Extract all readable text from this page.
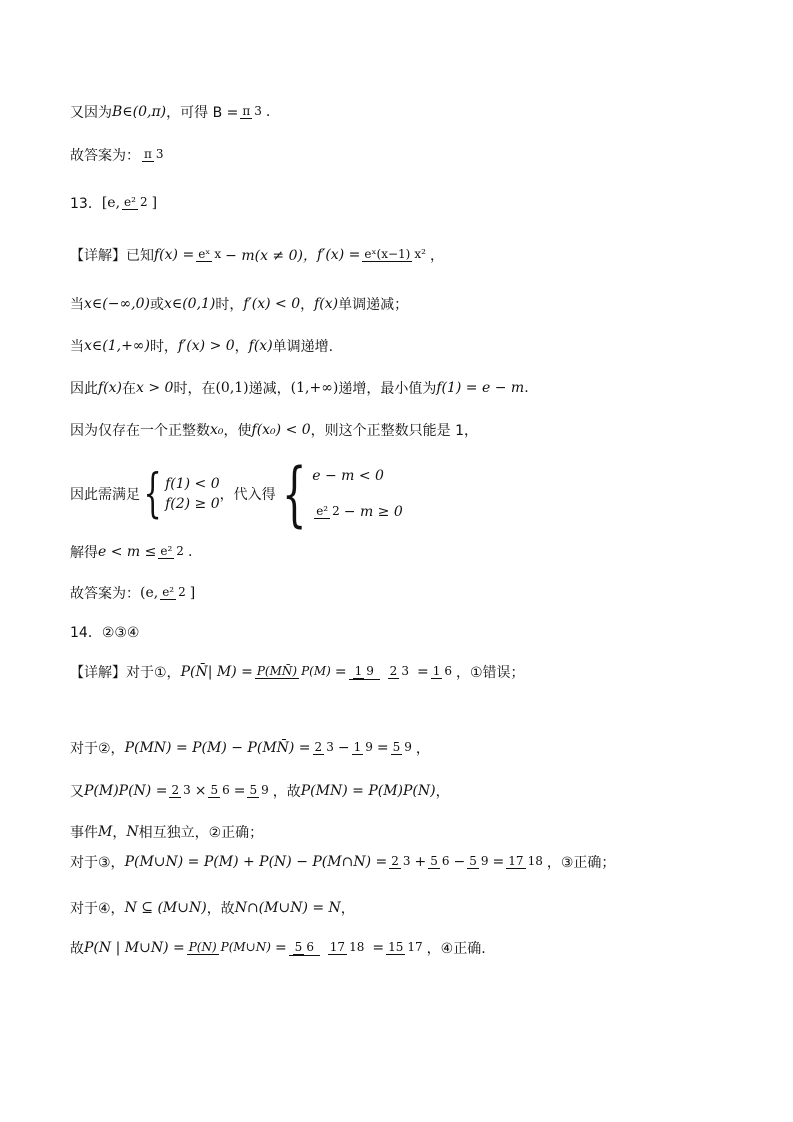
又因为 B∈(0,π) ，可得 B = π 3 .
故答案为： π 3
13． [e, e² 2 ]
【详解】已知 f(x) = eˣ x − m(x ≠ 0)， f′(x) = eˣ(x−1) x² ，
当 x∈(−∞,0) 或 x∈(0,1) 时， f′(x) < 0 ， f(x) 单调递减；
当 x∈(1,+∞) 时， f′(x) > 0 ， f(x) 单调递增.
因此 f(x) 在 x > 0 时，在 (0,1) 递减， (1,+∞) 递增，最小值为 f(1) = e − m .
因为仅存在一个正整数 x₀ ，使 f(x₀) < 0 ，则这个正整数只能是 1，
因此需满足 { f(1) < 0
f(2) ≥ 0
，代入得 { e − m < 0
e² 2 − m ≥ 0
解得 e < m ≤ e² 2 .
故答案为： (e, e² 2 ]
14．②③④
【详解】对于①， P( N̄ | M) = P(MN̄) P(M) = 1 9 2 3 = 1 6 ，①错误；
对于②， P(MN) = P(M) − P(MN̄) = 2 3 − 1 9 = 5 9 ，
又 P(M)P(N) = 2 3 × 5 6 = 5 9 ，故 P(MN) = P(M)P(N) ，
事件 M ， N 相互独立，②正确；
对于③， P(M∪N) = P(M) + P(N) − P(M∩N) = 2 3 + 5 6 − 5 9 = 17 18 ，③正确；
对于④， N ⊆ (M∪N) ，故 N∩(M∪N) = N ，
故 P(N | M∪N) = P(N) P(M∪N) = 5 6 17 18 = 15 17 ，④正确.
